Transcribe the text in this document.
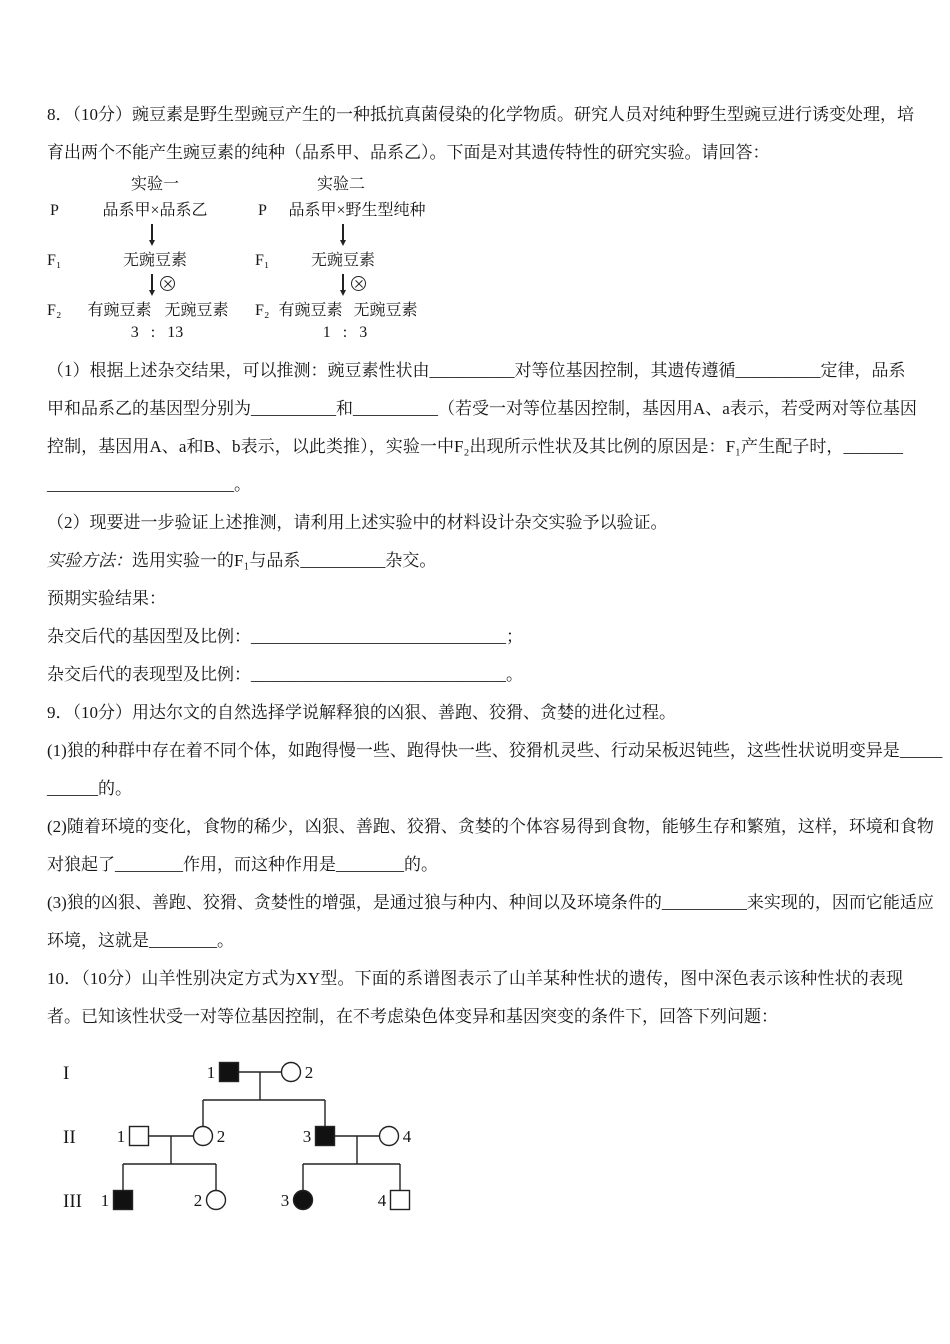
8．（10分）豌豆素是野生型豌豆产生的一种抵抗真菌侵染的化学物质。研究人员对纯种野生型豌豆进行诱变处理，培

育出两个不能产生豌豆素的纯种（品系甲、品系乙）。下面是对其遗传特性的研究实验。请回答：

实验一
P	品系甲×品系乙
F₁	无豌豆素
F₂	有豌豆素 无豌豆素
3   :   13
实验二
P	品系甲×野生型纯种
F₁	无豌豆素
F₂ 有豌豆素 无豌豆素
1   :   3

（1）根据上述杂交结果，可以推测：豌豆素性状由__________对等位基因控制，其遗传遵循__________定律，品系

甲和品系乙的基因型分别为__________和__________（若受一对等位基因控制，基因用A、a表示，若受两对等位基因

控制，基因用A、a和B、b表示，以此类推），实验一中F₂出现所示性状及其比例的原因是：F₁产生配子时，_______

______________________。

（2）现要进一步验证上述推测，请利用上述实验中的材料设计杂交实验予以验证。

实验方法：选用实验一的F₁与品系__________杂交。

预期实验结果：

杂交后代的基因型及比例：______________________________；

杂交后代的表现型及比例：______________________________。

9．（10分）用达尔文的自然选择学说解释狼的凶狠、善跑、狡猾、贪婪的进化过程。

(1)狼的种群中存在着不同个体，如跑得慢一些、跑得快一些、狡猾机灵些、行动呆板迟钝些，这些性状说明变异是_____

______的。

(2)随着环境的变化，食物的稀少，凶狠、善跑、狡猾、贪婪的个体容易得到食物，能够生存和繁殖，这样，环境和食物

对狼起了________作用，而这种作用是________的。

(3)狼的凶狠、善跑、狡猾、贪婪性的增强，是通过狼与种内、种间以及环境条件的__________来实现的，因而它能适应

环境，这就是________。

10．（10分）山羊性别决定方式为XY型。下面的系谱图表示了山羊某种性状的遗传，图中深色表示该种性状的表现

者。已知该性状受一对等位基因控制，在不考虑染色体变异和基因突变的条件下，回答下列问题：

I
II
III
1	2
1	2	3	4
1	2	3	4
